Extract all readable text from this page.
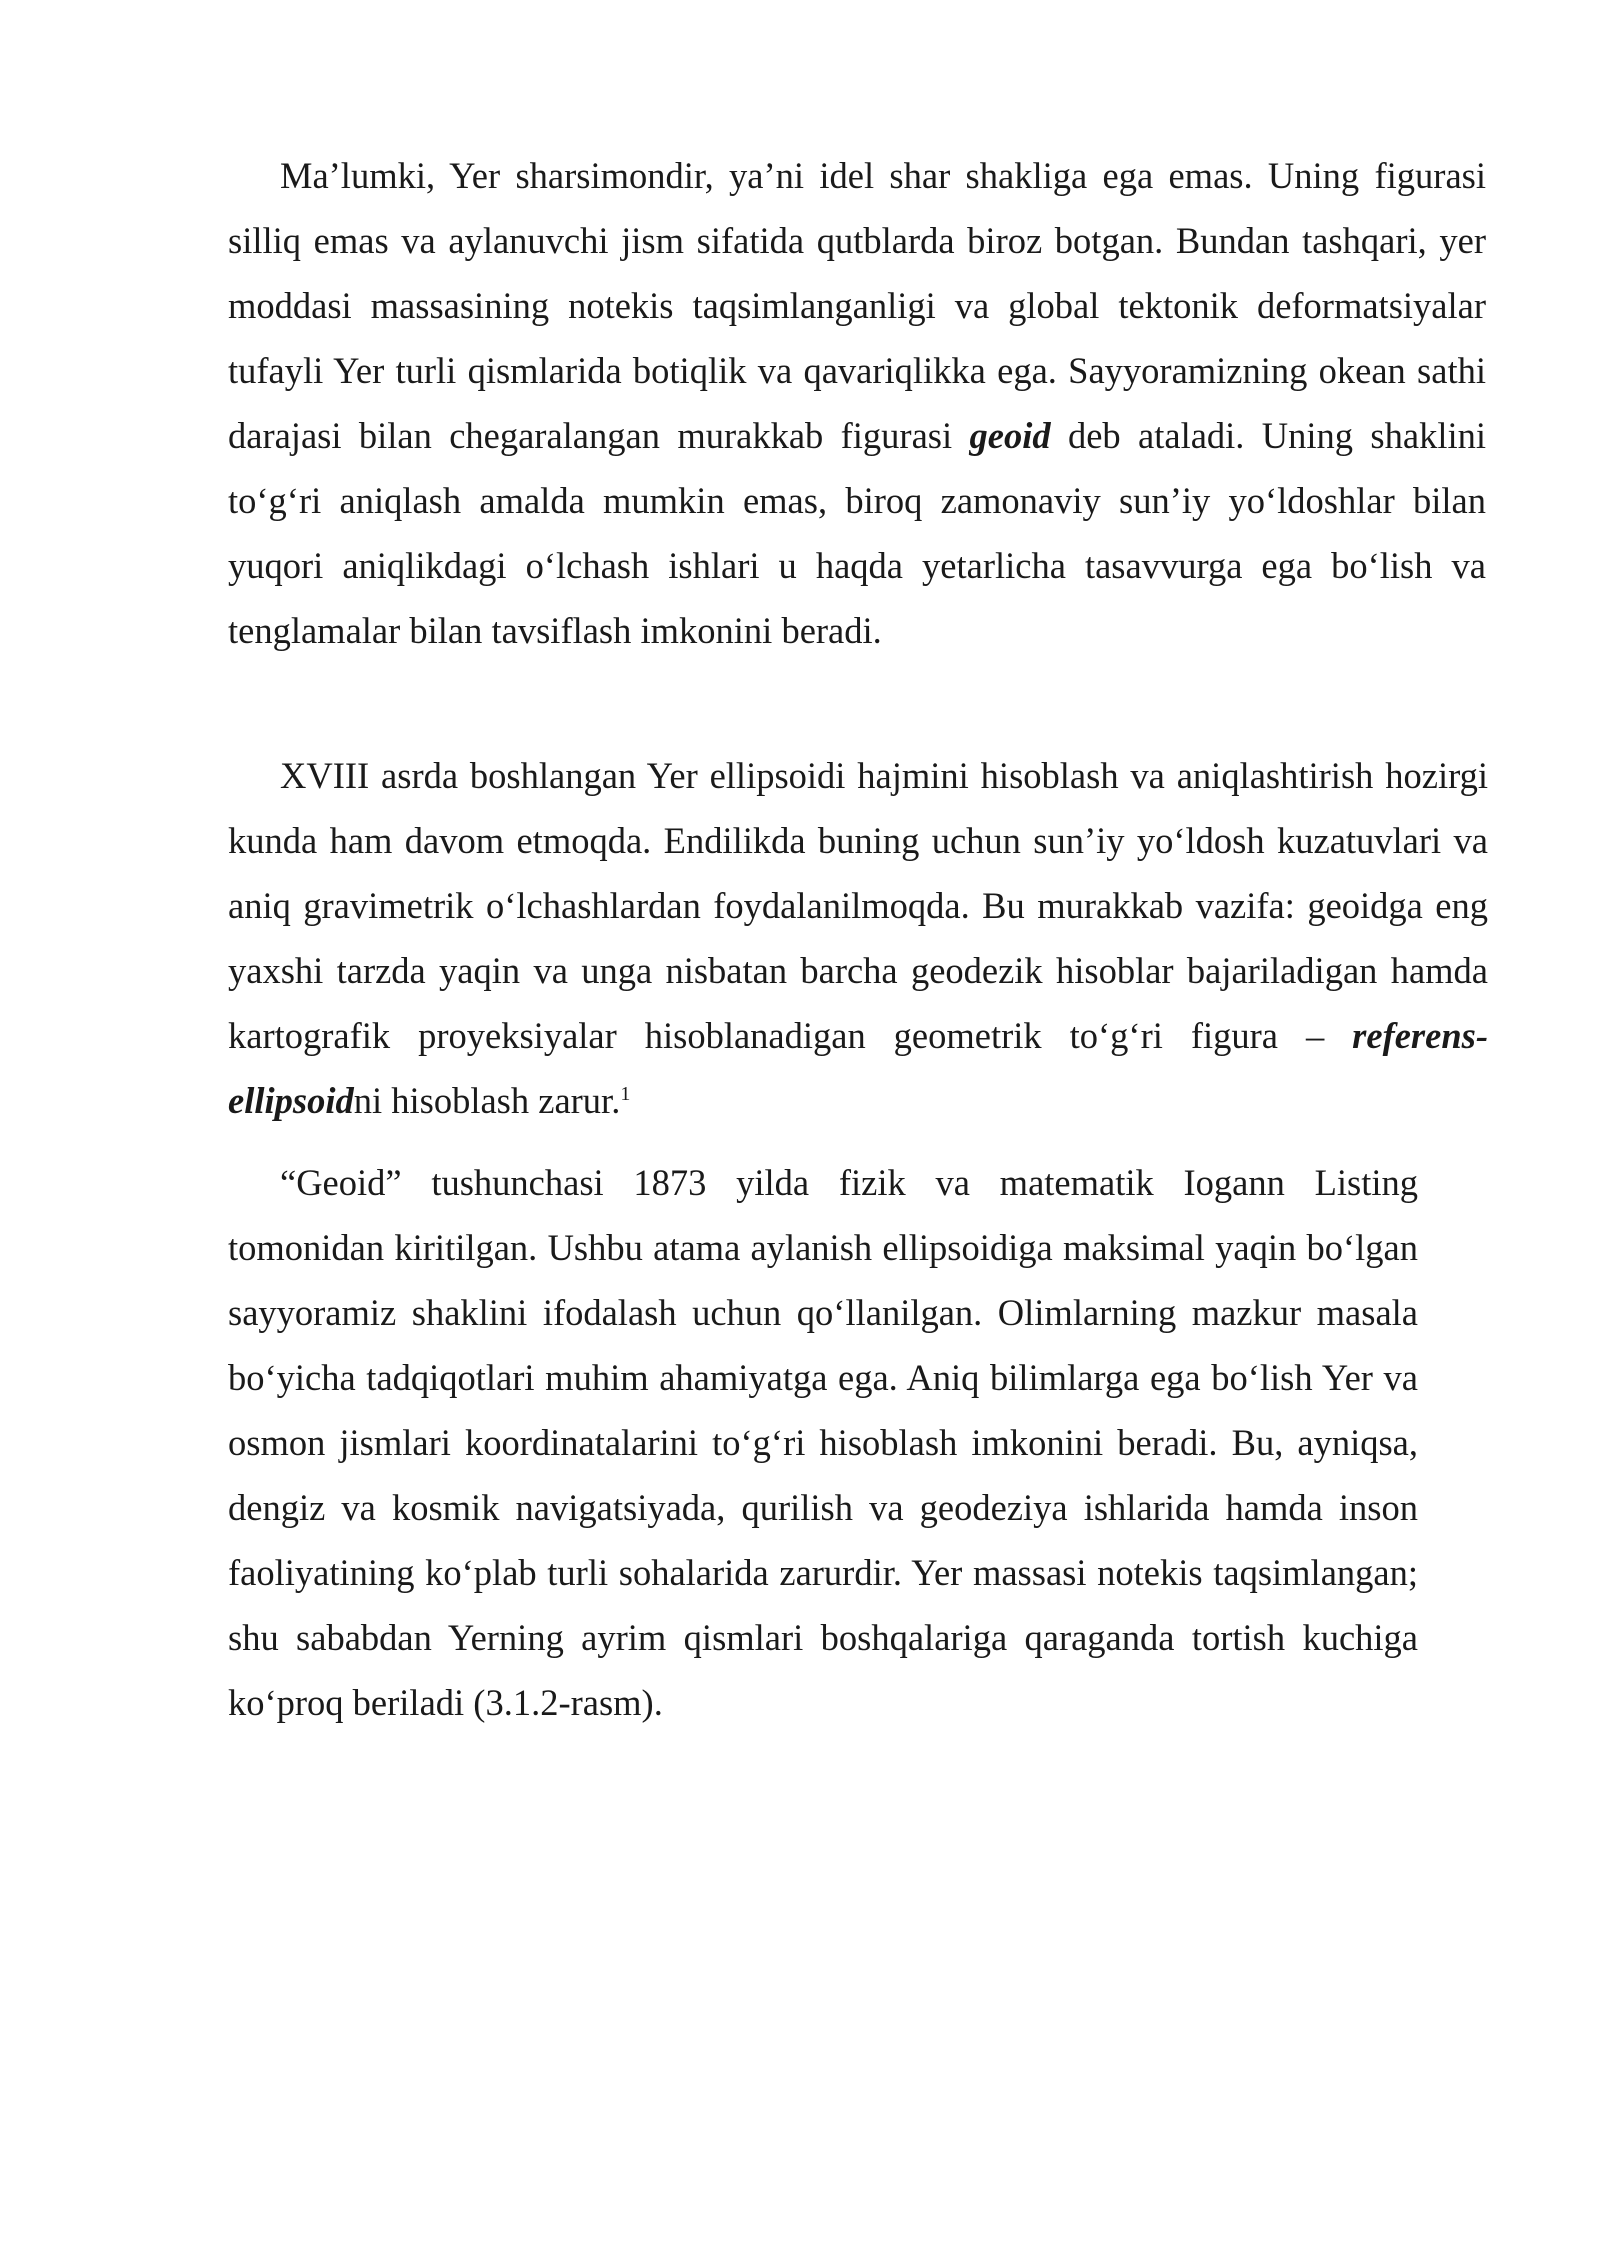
Ma’lumki, Yer sharsimondir, ya’ni idel shar shakliga ega emas. Uning figurasi silliq emas va aylanuvchi jism sifatida qutblarda biroz botgan. Bundan tashqari, yer moddasi massasining notekis taqsimlanganligi va global tektonik deformatsiyalar tufayli Yer turli qismlarida botiqlik va qavariqlikka ega. Sayyoramizning okean sathi darajasi bilan chegaralangan murakkab figurasi geoid deb ataladi. Uning shaklini to‘g‘ri aniqlash amalda mumkin emas, biroq zamonaviy sun’iy yo‘ldoshlar bilan yuqori aniqlikdagi o‘lchash ishlari u haqda yetarlicha tasavvurga ega bo‘lish va tenglamalar bilan tavsiflash imkonini beradi.

XVIII asrda boshlangan Yer ellipsoidi hajmini hisoblash va aniqlashtirish hozirgi kunda ham davom etmoqda. Endilikda buning uchun sun’iy yo‘ldosh kuzatuvlari va aniq gravimetrik o‘lchashlardan foydalanilmoqda. Bu murakkab vazifa: geoidga eng yaxshi tarzda yaqin va unga nisbatan barcha geodezik hisoblar bajariladigan hamda kartografik proyeksiyalar hisoblanadigan geometrik to‘g‘ri figura – referens-ellipsoidni hisoblash zarur.$^1$

“Geoid” tushunchasi 1873 yilda fizik va matematik Iogann Listing tomonidan kiritilgan. Ushbu atama aylanish ellipsoidiga maksimal yaqin bo‘lgan sayyoramiz shaklini ifodalash uchun qo‘llanilgan. Olimlarning mazkur masala bo‘yicha tadqiqotlari muhim ahamiyatga ega. Aniq bilimlarga ega bo‘lish Yer va osmon jismlari koordinatalarini to‘g‘ri hisoblash imkonini beradi. Bu, ayniqsa, dengiz va kosmik navigatsiyada, qurilish va geodeziya ishlarida hamda inson faoliyatining ko‘plab turli sohalarida zarurdir. Yer massasi notekis taqsimlangan; shu sababdan Yerning ayrim qismlari boshqalariga qaraganda tortish kuchiga ko‘proq beriladi (3.1.2-rasm).
